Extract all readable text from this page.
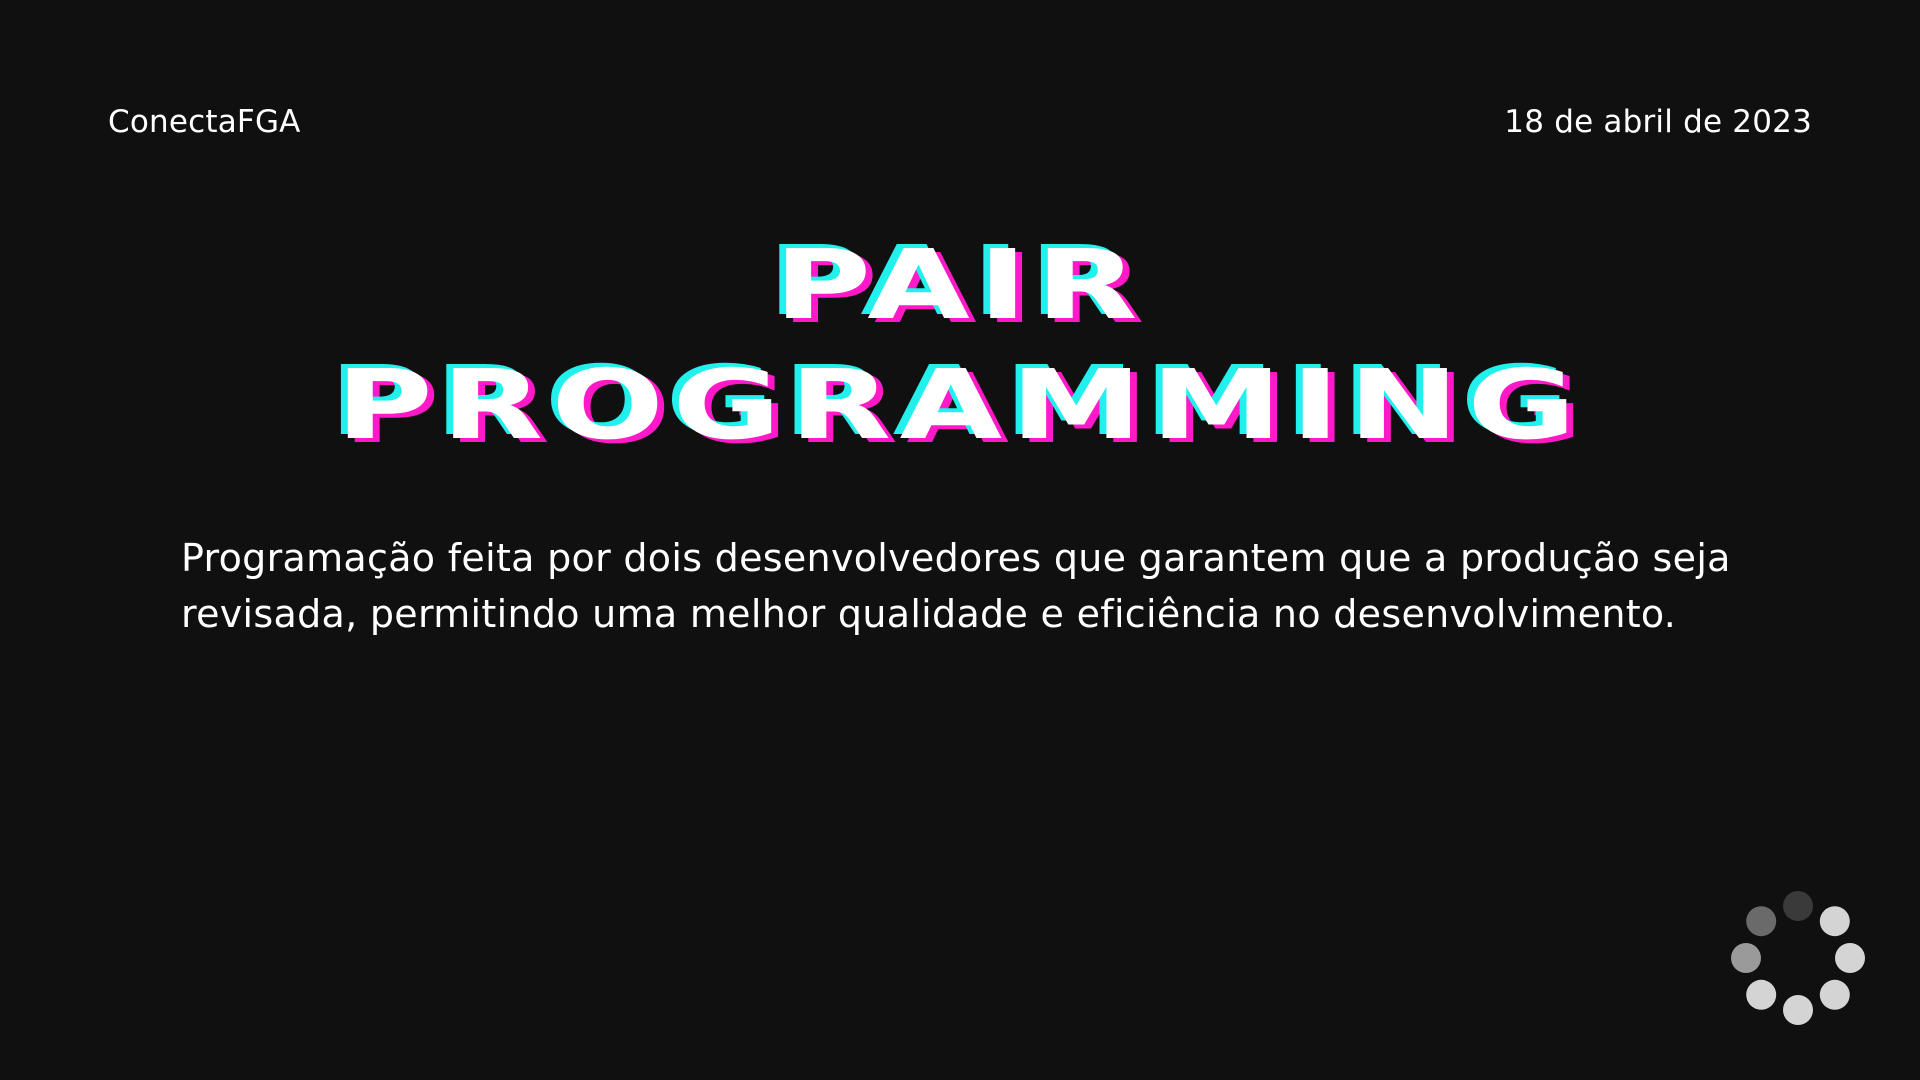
ConectaFGA	18 de abril de 2023
PAIR
PROGRAMMING
Programação feita por dois desenvolvedores que garantem que a produção seja revisada, permitindo uma melhor qualidade e eficiência no desenvolvimento.
